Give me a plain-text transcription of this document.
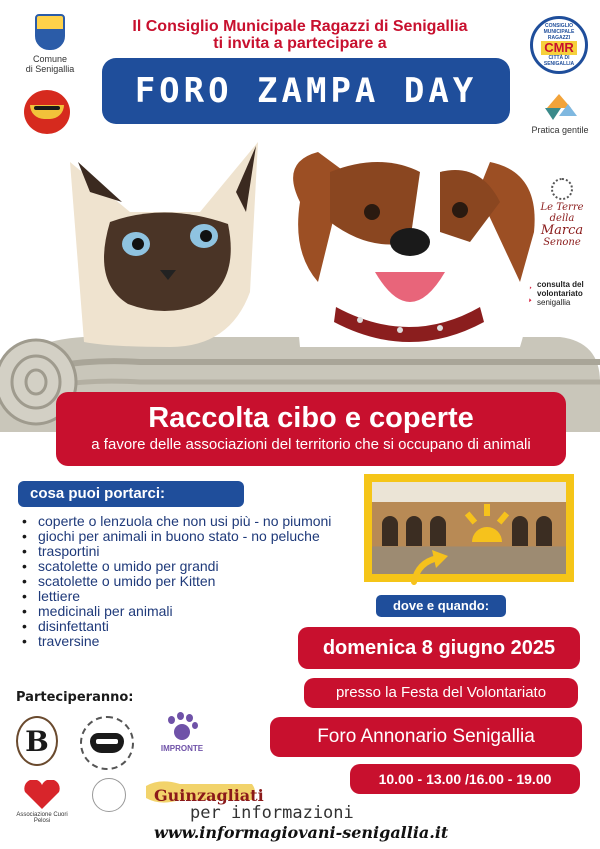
Il Consiglio Municipale Ragazzi di Senigallia
ti invita a partecipare a
FORO ZAMPA DAY
Comune
di Senigallia
CONSIGLIO
MUNICIPALE
RAGAZZI
CMR
CITTÀ DI
SENIGALLIA
Pratica gentile
Le Terre della
Marca
Senone
consulta del
volontariato
senigallia
Raccolta cibo e coperte
a favore delle associazioni del territorio che si occupano di animali
cosa puoi portarci:
• coperte o lenzuola che non usi più - no piumoni
• giochi per animali in buono stato - no peluche
• trasportini
• scatolette o umido per grandi
• scatolette o umido per Kitten
• lettiere
• medicinali per animali
• disinfettanti
• traversine
dove e quando:
domenica 8 giugno 2025
presso la Festa del Volontariato
Foro Annonario Senigallia
10.00 - 13.00 /16.00 - 19.00
Parteciperanno:
B	IMPRONTE
Associazione Cuori Pelosi
Guinzagliati
per informazioni
www.informagiovani-senigallia.it
